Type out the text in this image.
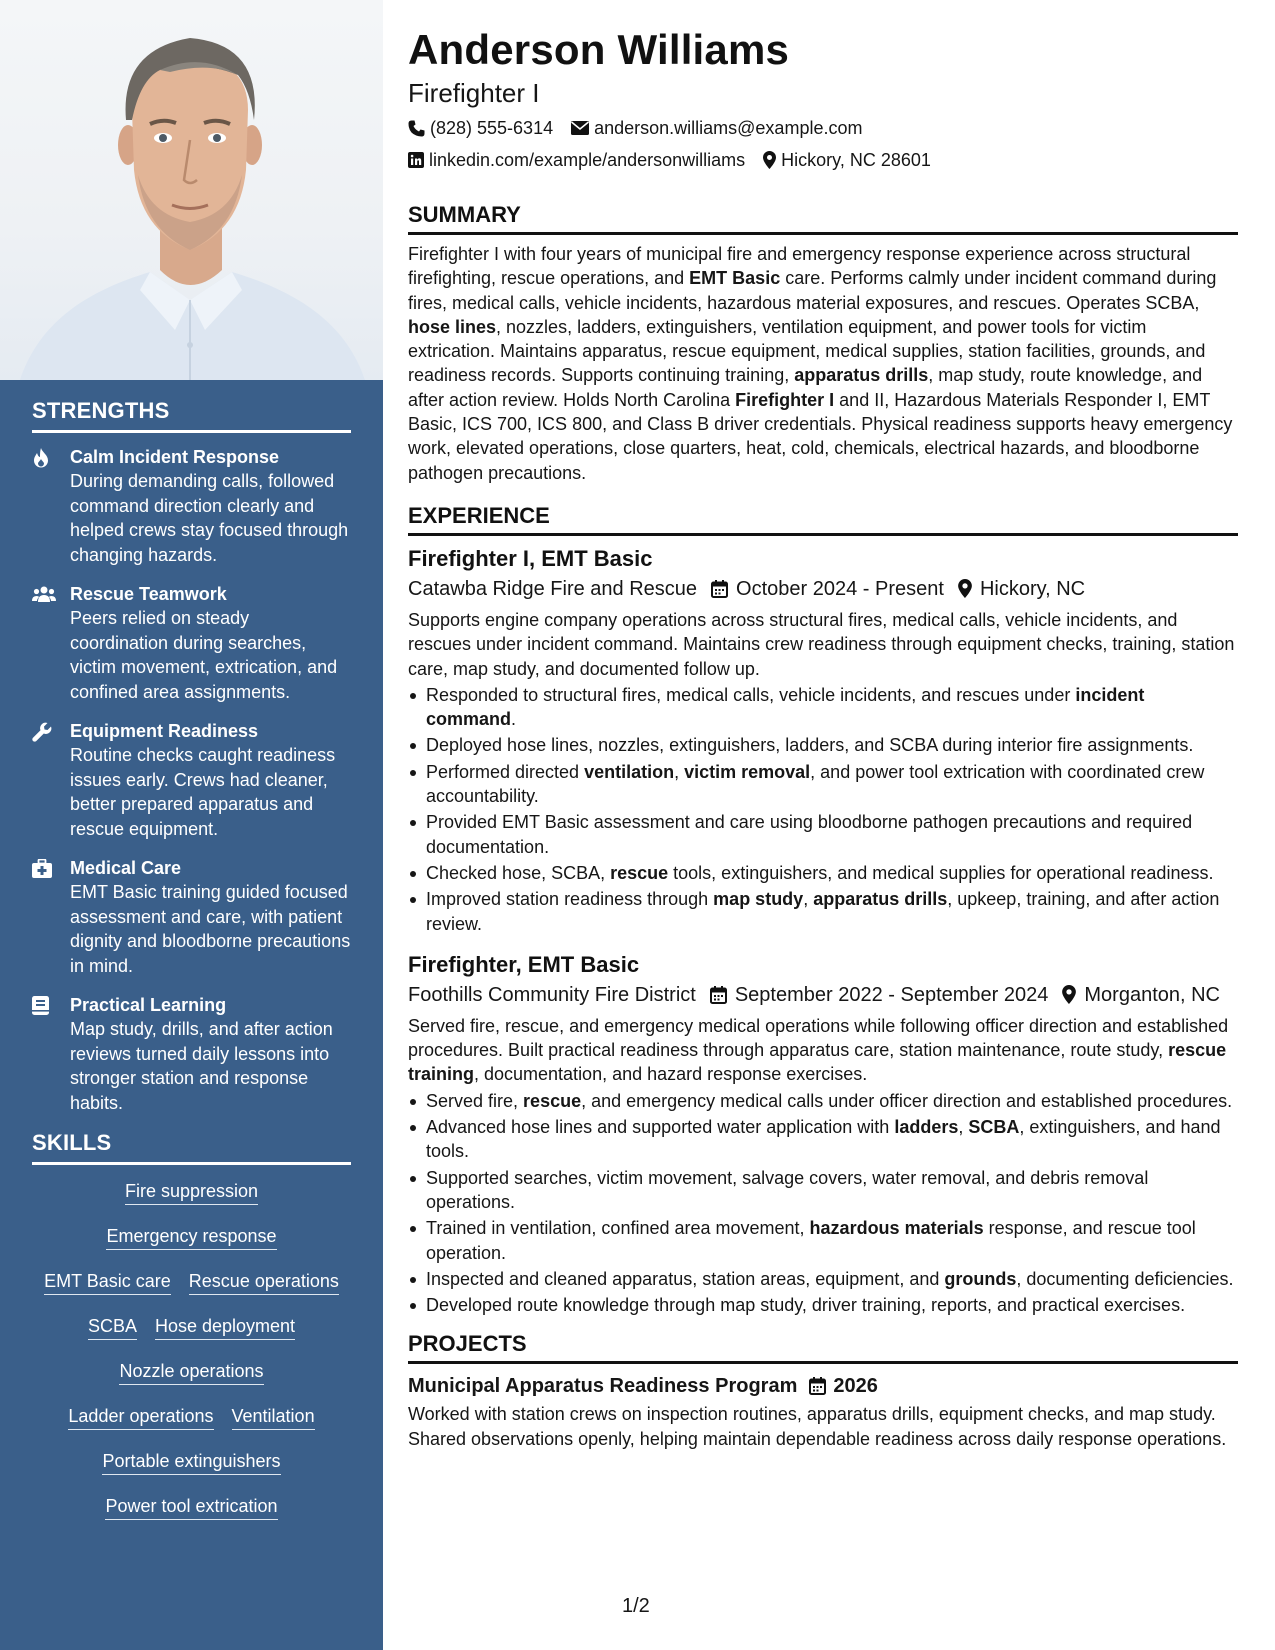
STRENGTHS
Calm Incident Response
During demanding calls, followed command direction clearly and helped crews stay focused through changing hazards.
Rescue Teamwork
Peers relied on steady coordination during searches, victim movement, extrication, and confined area assignments.
Equipment Readiness
Routine checks caught readiness issues early. Crews had cleaner, better prepared apparatus and rescue equipment.
Medical Care
EMT Basic training guided focused assessment and care, with patient dignity and bloodborne precautions in mind.
Practical Learning
Map study, drills, and after action reviews turned daily lessons into stronger station and response habits.
SKILLS
Fire suppression
Emergency response
EMT Basic care Rescue operations
SCBA Hose deployment
Nozzle operations
Ladder operations Ventilation
Portable extinguishers
Power tool extrication
Anderson Williams
Firefighter I
(828) 555-6314 anderson.williams@example.com
linkedin.com/example/andersonwilliams Hickory, NC 28601
SUMMARY

Firefighter I with four years of municipal fire and emergency response experience across structural firefighting, rescue operations, and EMT Basic care. Performs calmly under incident command during fires, medical calls, vehicle incidents, hazardous material exposures, and rescues. Operates SCBA, hose lines, nozzles, ladders, extinguishers, ventilation equipment, and power tools for victim extrication. Maintains apparatus, rescue equipment, medical supplies, station facilities, grounds, and readiness records. Supports continuing training, apparatus drills, map study, route knowledge, and after action review. Holds North Carolina Firefighter I and II, Hazardous Materials Responder I, EMT Basic, ICS 700, ICS 800, and Class B driver credentials. Physical readiness supports heavy emergency work, elevated operations, close quarters, heat, cold, chemicals, electrical hazards, and bloodborne pathogen precautions.

EXPERIENCE
Firefighter I, EMT Basic
Catawba Ridge Fire and Rescue October 2024 - Present Hickory, NC

Supports engine company operations across structural fires, medical calls, vehicle incidents, and rescues under incident command. Maintains crew readiness through equipment checks, training, station care, map study, and documented follow up.

Responded to structural fires, medical calls, vehicle incidents, and rescues under incident command.
Deployed hose lines, nozzles, extinguishers, ladders, and SCBA during interior fire assignments.
Performed directed ventilation, victim removal, and power tool extrication with coordinated crew accountability.
Provided EMT Basic assessment and care using bloodborne pathogen precautions and required documentation.
Checked hose, SCBA, rescue tools, extinguishers, and medical supplies for operational readiness.
Improved station readiness through map study, apparatus drills, upkeep, training, and after action review.
Firefighter, EMT Basic
Foothills Community Fire District September 2022 - September 2024 Morganton, NC

Served fire, rescue, and emergency medical operations while following officer direction and established procedures. Built practical readiness through apparatus care, station maintenance, route study, rescue training, documentation, and hazard response exercises.

Served fire, rescue, and emergency medical calls under officer direction and established procedures.
Advanced hose lines and supported water application with ladders, SCBA, extinguishers, and hand tools.
Supported searches, victim movement, salvage covers, water removal, and debris removal operations.
Trained in ventilation, confined area movement, hazardous materials response, and rescue tool operation.
Inspected and cleaned apparatus, station areas, equipment, and grounds, documenting deficiencies.
Developed route knowledge through map study, driver training, reports, and practical exercises.
PROJECTS
Municipal Apparatus Readiness Program 2026

Worked with station crews on inspection routines, apparatus drills, equipment checks, and map study. Shared observations openly, helping maintain dependable readiness across daily response operations.

1/2
